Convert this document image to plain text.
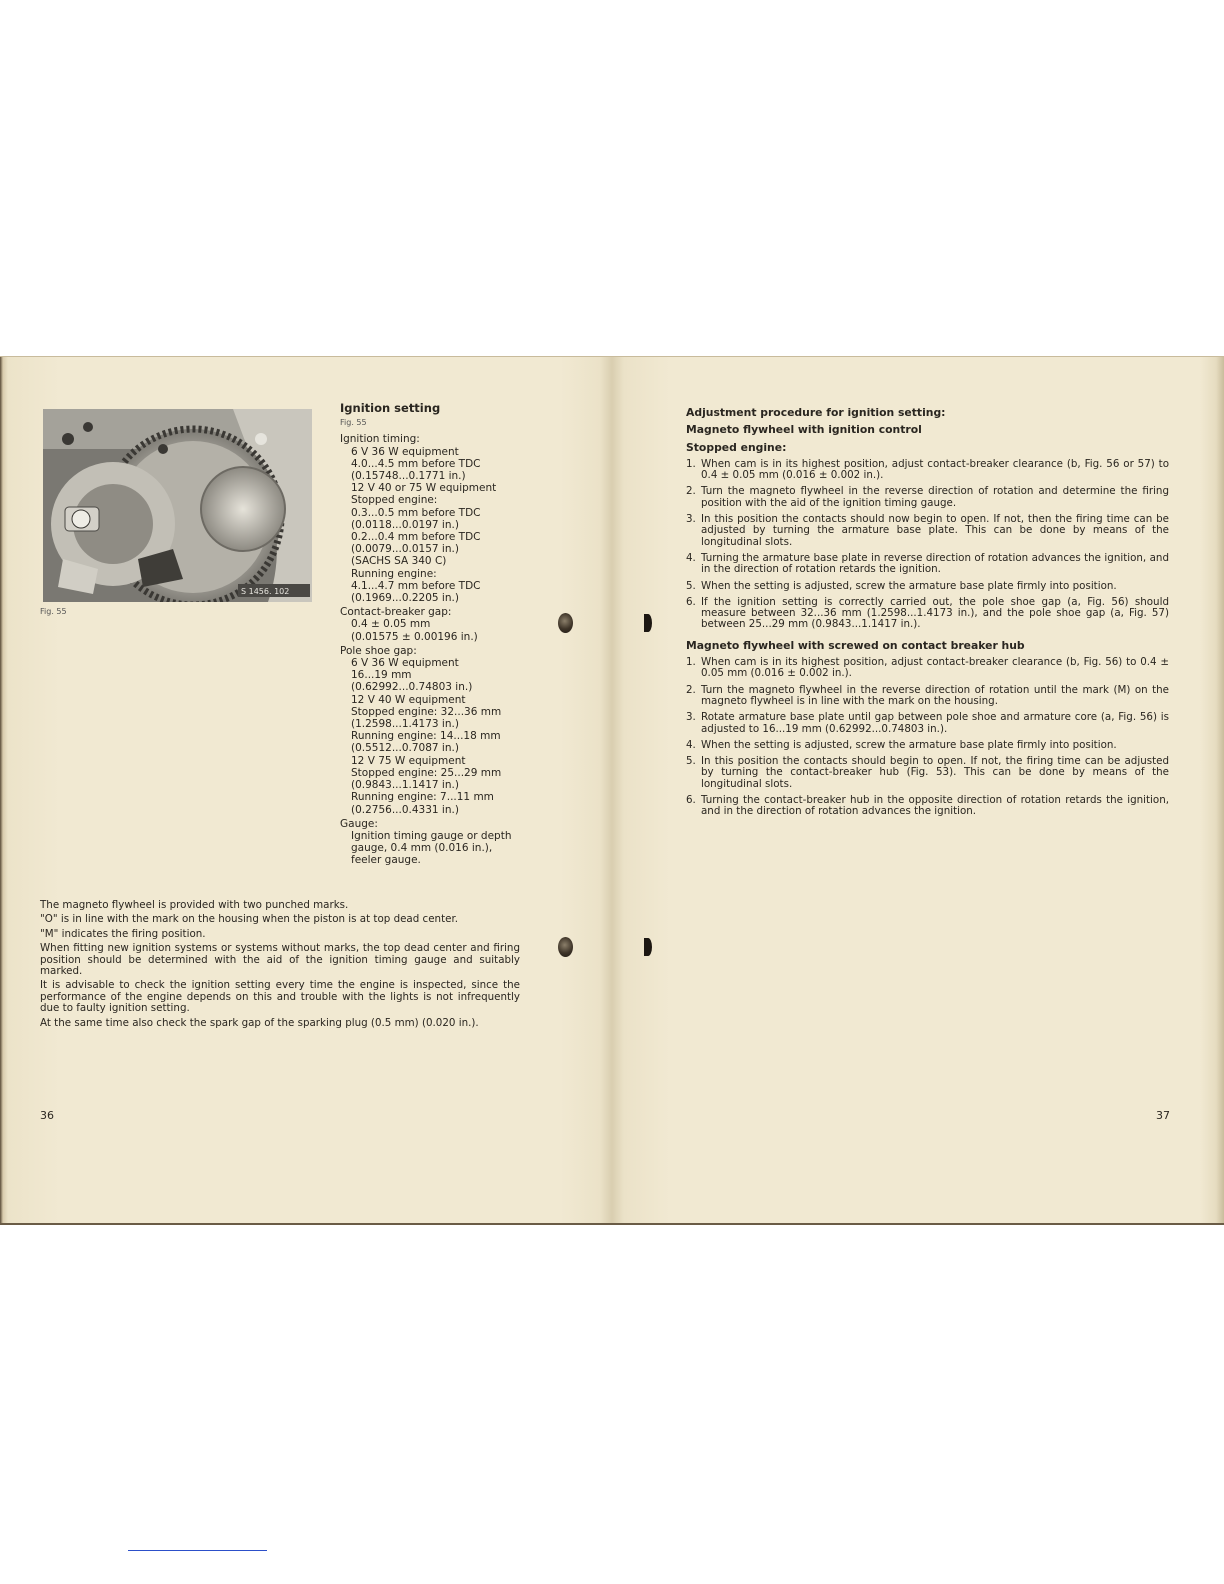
S 1456. 102
Fig. 55
Ignition setting
Fig. 55
Ignition timing:
6 V 36 W equipment
4.0...4.5 mm before TDC
(0.15748...0.1771 in.)
12 V 40 or 75 W equipment
Stopped engine:
0.3...0.5 mm before TDC
(0.0118...0.0197 in.)
0.2...0.4 mm before TDC
(0.0079...0.0157 in.)
(SACHS SA 340 C)
Running engine:
4.1...4.7 mm before TDC
(0.1969...0.2205 in.)
Contact-breaker gap:
0.4 ± 0.05 mm
(0.01575 ± 0.00196 in.)
Pole shoe gap:
6 V 36 W equipment
16...19 mm
(0.62992...0.74803 in.)
12 V 40 W equipment
Stopped engine: 32...36 mm
(1.2598...1.4173 in.)
Running engine: 14...18 mm
(0.5512...0.7087 in.)
12 V 75 W equipment
Stopped engine: 25...29 mm
(0.9843...1.1417 in.)
Running engine: 7...11 mm
(0.2756...0.4331 in.)
Gauge:
Ignition timing gauge or depth
gauge, 0.4 mm (0.016 in.),
feeler gauge.

The magneto flywheel is provided with two punched marks.

"O" is in line with the mark on the housing when the piston is at top dead center.

"M" indicates the firing position.

When fitting new ignition systems or systems without marks, the top dead center and firing position should be determined with the aid of the ignition timing gauge and suitably marked.

It is advisable to check the ignition setting every time the engine is inspected, since the performance of the engine depends on this and trouble with the lights is not infrequently due to faulty ignition setting.

At the same time also check the spark gap of the sparking plug (0.5 mm) (0.020 in.).

36
Adjustment procedure for ignition setting:
Magneto flywheel with ignition control
Stopped engine:
1. When cam is in its highest position, adjust contact-breaker clearance (b, Fig. 56 or 57) to 0.4 ± 0.05 mm (0.016 ± 0.002 in.).
2. Turn the magneto flywheel in the reverse direction of rotation and determine the firing position with the aid of the ignition timing gauge.
3. In this position the contacts should now begin to open. If not, then the firing time can be adjusted by turning the armature base plate. This can be done by means of the longitudinal slots.
4. Turning the armature base plate in reverse direction of rotation advances the ignition, and in the direction of rotation retards the ignition.
5. When the setting is adjusted, screw the armature base plate firmly into position.
6. If the ignition setting is correctly carried out, the pole shoe gap (a, Fig. 56) should measure between 32...36 mm (1.2598...1.4173 in.), and the pole shoe gap (a, Fig. 57) between 25...29 mm (0.9843...1.1417 in.).
Magneto flywheel with screwed on contact breaker hub
1. When cam is in its highest position, adjust contact-breaker clearance (b, Fig. 56) to 0.4 ± 0.05 mm (0.016 ± 0.002 in.).
2. Turn the magneto flywheel in the reverse direction of rotation until the mark (M) on the magneto flywheel is in line with the mark on the housing.
3. Rotate armature base plate until gap between pole shoe and armature core (a, Fig. 56) is adjusted to 16...19 mm (0.62992...0.74803 in.).
4. When the setting is adjusted, screw the armature base plate firmly into position.
5. In this position the contacts should begin to open. If not, the firing time can be adjusted by turning the contact-breaker hub (Fig. 53). This can be done by means of the longitudinal slots.
6. Turning the contact-breaker hub in the opposite direction of rotation retards the ignition, and in the direction of rotation advances the ignition.
37
